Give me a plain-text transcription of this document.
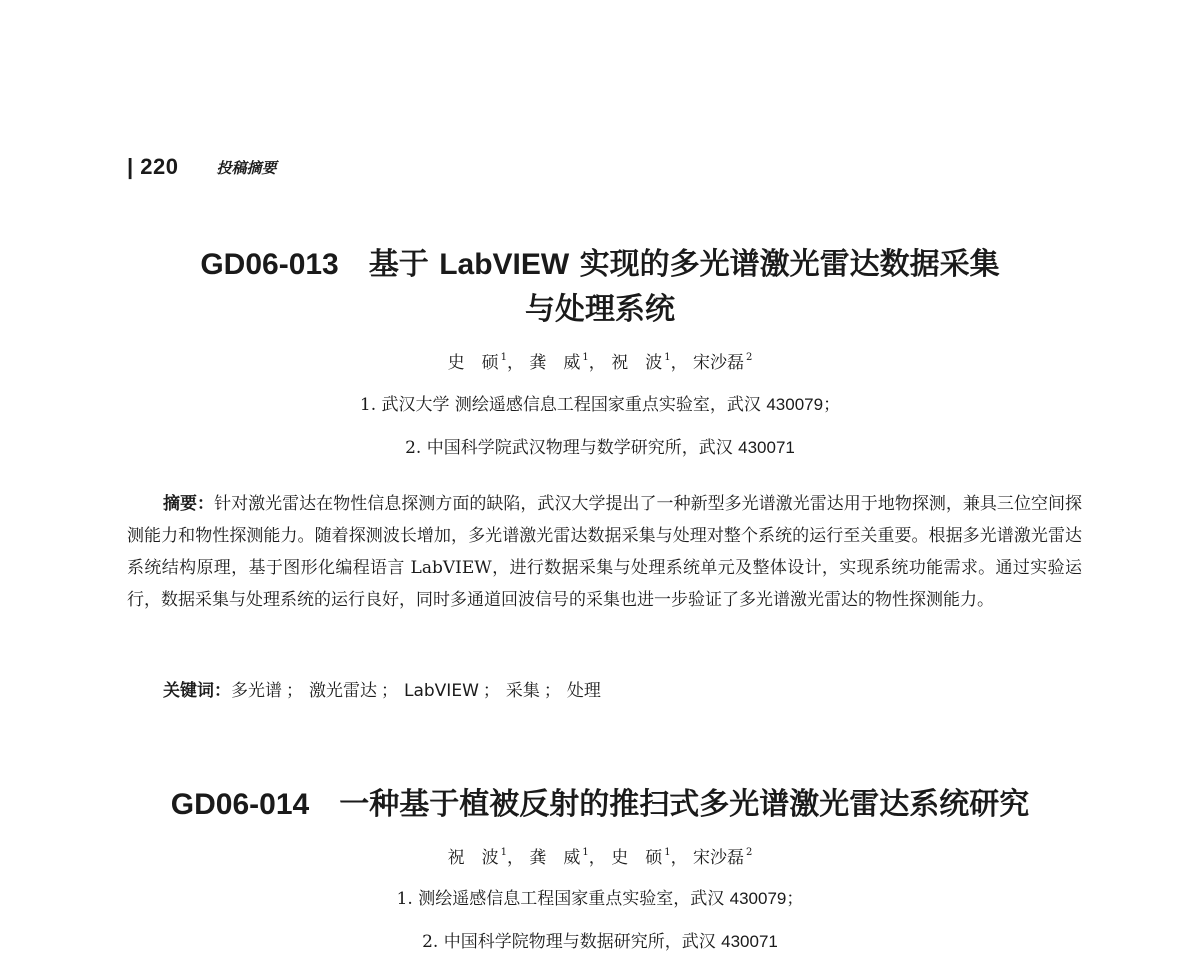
| 220	投稿摘要
GD06-013 基于 LabVIEW 实现的多光谱激光雷达数据采集
与处理系统
史　硕 $^1$， 龚　威 $^1$， 祝　波 $^1$， 宋沙磊 $^2$
1. 武汉大学 测绘遥感信息工程国家重点实验室，武汉 430079；
2. 中国科学院武汉物理与数学研究所，武汉 430071

摘要：针对激光雷达在物性信息探测方面的缺陷，武汉大学提出了一种新型多光谱激光雷达用于地物探测，兼具三位空间探测能力和物性探测能力。随着探测波长增加，多光谱激光雷达数据采集与处理对整个系统的运行至关重要。根据多光谱激光雷达系统结构原理，基于图形化编程语言 LabVIEW，进行数据采集与处理系统单元及整体设计，实现系统功能需求。通过实验运行，数据采集与处理系统的运行良好，同时多通道回波信号的采集也进一步验证了多光谱激光雷达的物性探测能力。

关键词：多光谱 ； 激光雷达 ； LabVIEW ； 采集 ； 处理
GD06-014 一种基于植被反射的推扫式多光谱激光雷达系统研究
祝　波 $^1$， 龚　威 $^1$， 史　硕 $^1$， 宋沙磊 $^2$
1. 测绘遥感信息工程国家重点实验室，武汉 430079；
2. 中国科学院物理与数据研究所，武汉 430071
